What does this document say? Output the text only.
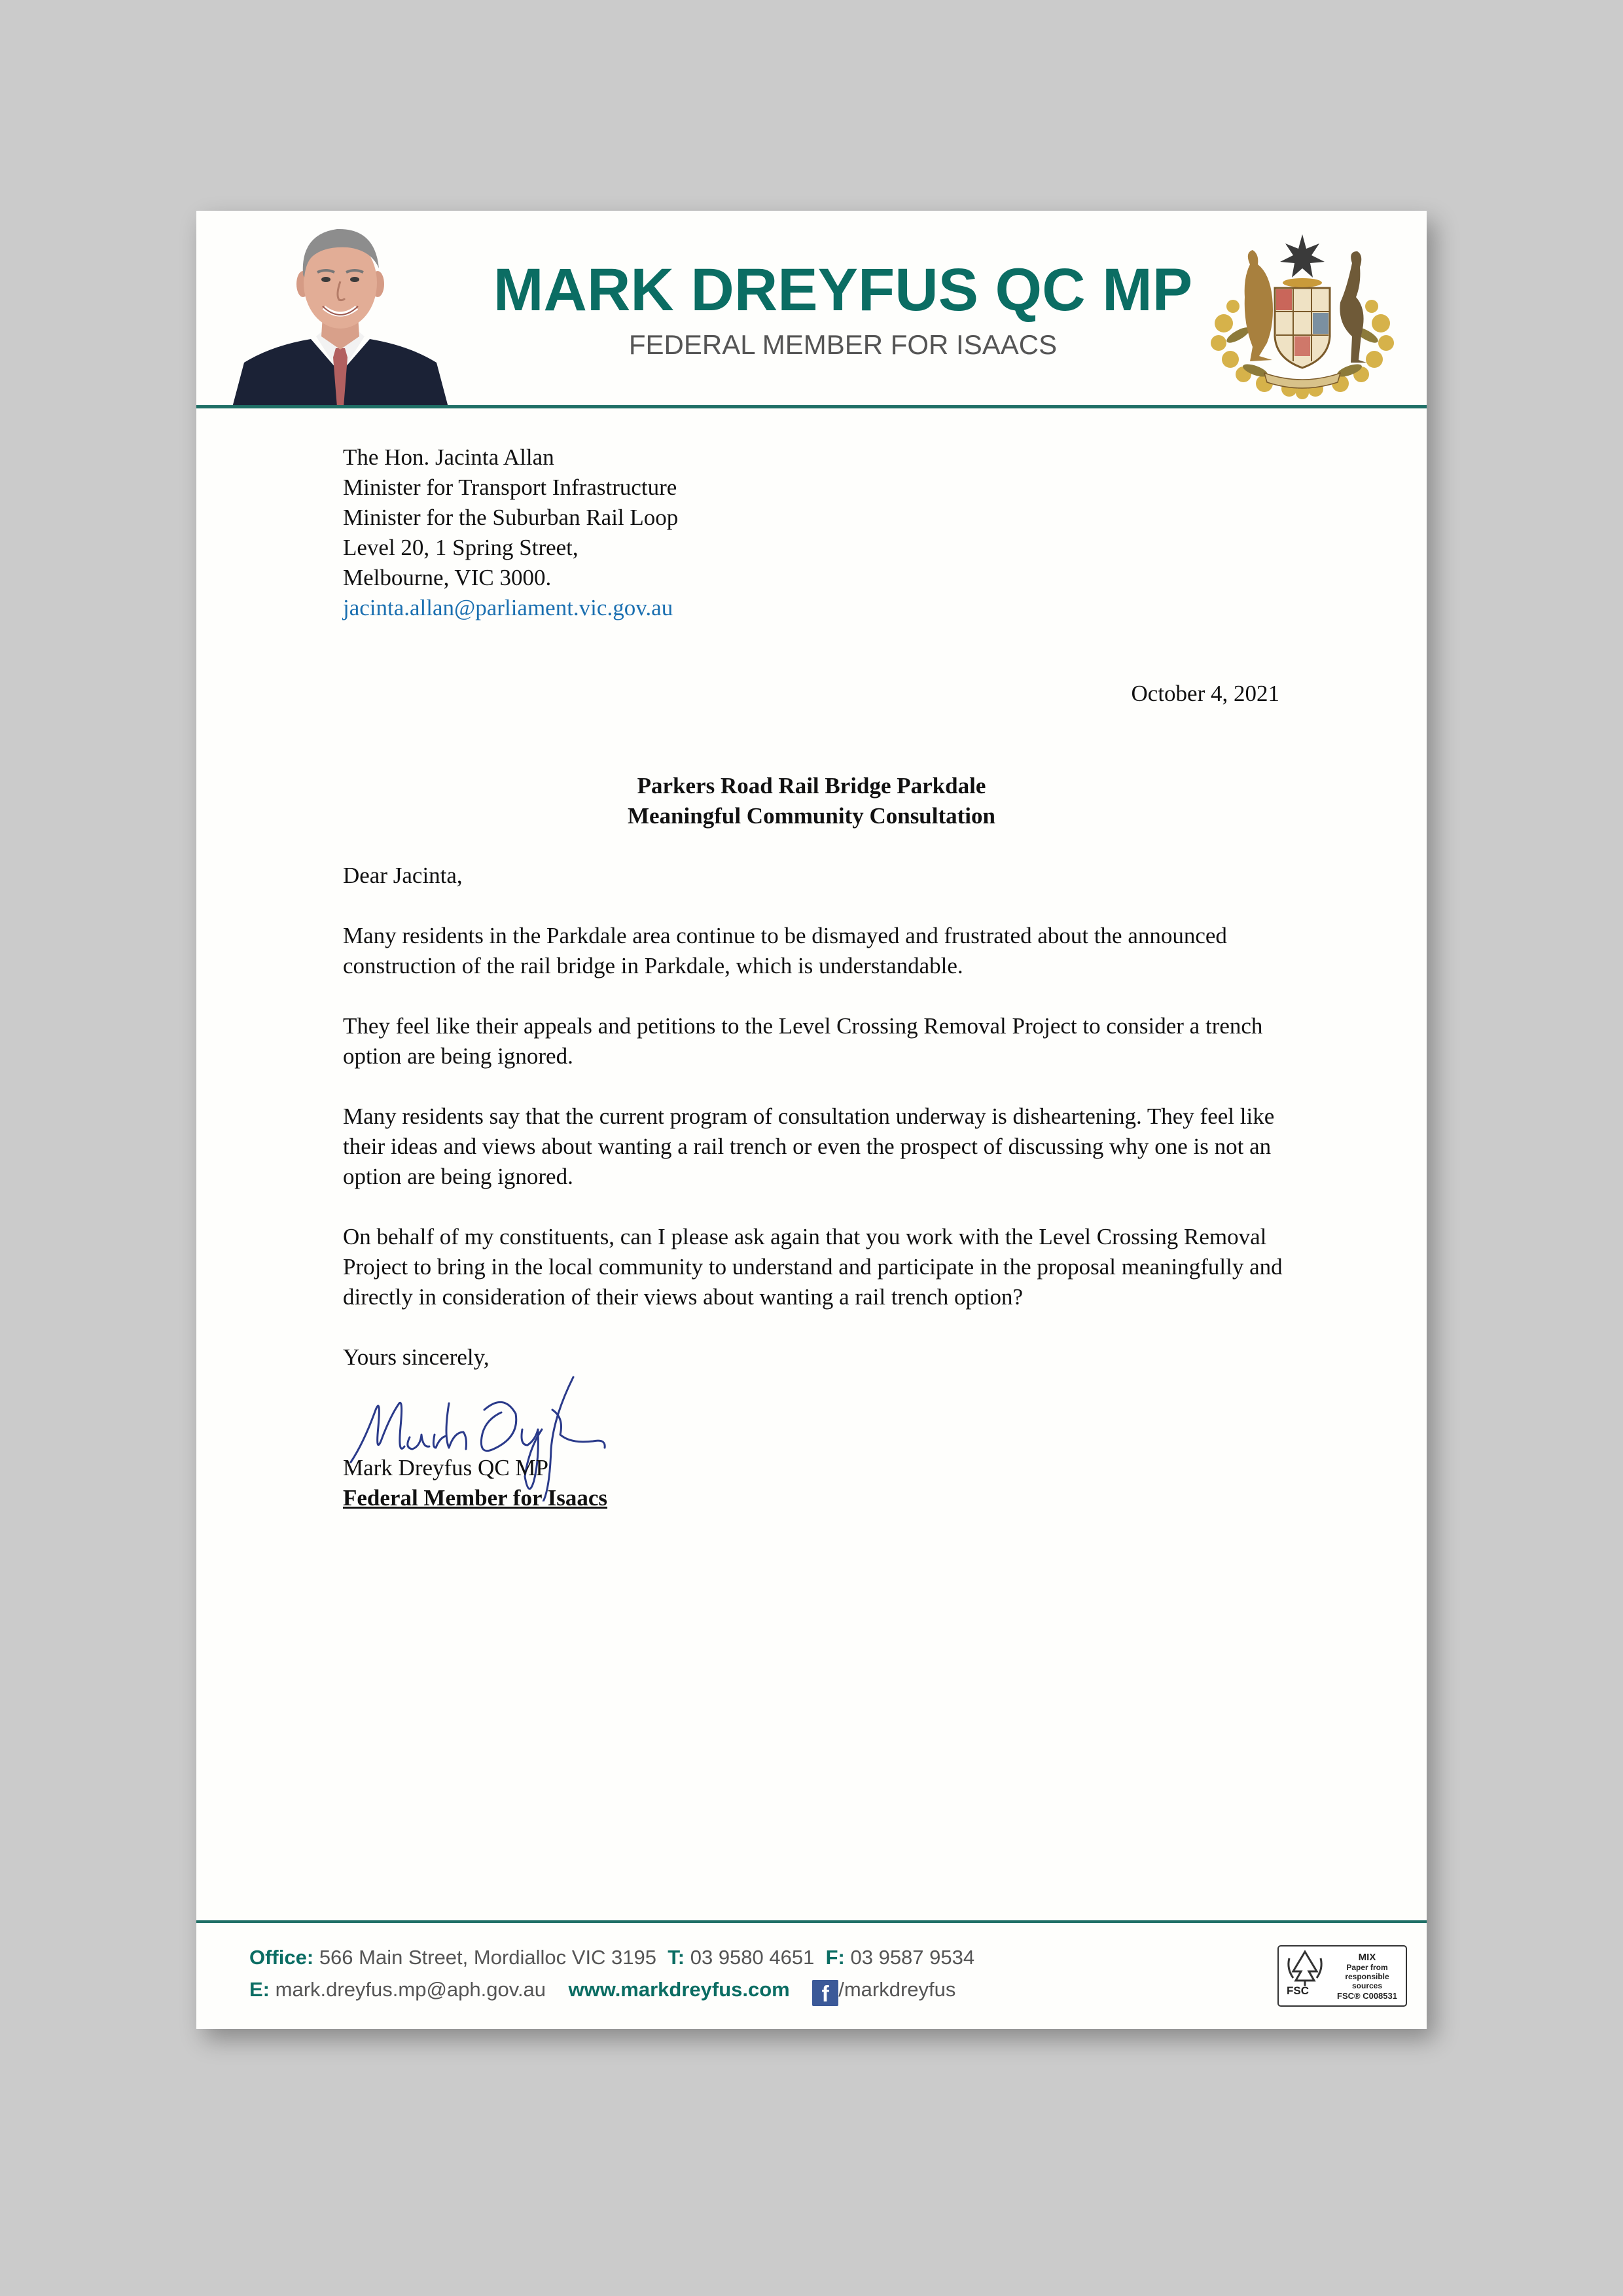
MARK DREYFUS QC MP
FEDERAL MEMBER FOR ISAACS
The Hon. Jacinta Allan
Minister for Transport Infrastructure
Minister for the Suburban Rail Loop
Level 20, 1 Spring Street,
Melbourne, VIC 3000.
jacinta.allan@parliament.vic.gov.au
October 4, 2021
Parkers Road Rail Bridge Parkdale
Meaningful Community Consultation

Dear Jacinta,

Many residents in the Parkdale area continue to be dismayed and frustrated about the announced construction of the rail bridge in Parkdale, which is understandable.

They feel like their appeals and petitions to the Level Crossing Removal Project to consider a trench option are being ignored.

Many residents say that the current program of consultation underway is disheartening. They feel like their ideas and views about wanting a rail trench or even the prospect of discussing why one is not an option are being ignored.

On behalf of my constituents, can I please ask again that you work with the Level Crossing Removal Project to bring in the local community to understand and participate in the proposal meaningfully and directly in consideration of their views about wanting a rail trench option?

Yours sincerely,

Mark Dreyfus QC MP
Federal Member for Isaacs
Office: 566 Main Street, Mordialloc VIC 3195 T: 03 9580 4651 F: 03 9587 9534
E: mark.dreyfus.mp@aph.gov.au www.markdreyfus.com f /markdreyfus	FSC
MIX
Paper from
responsible sources
FSC® C008531
